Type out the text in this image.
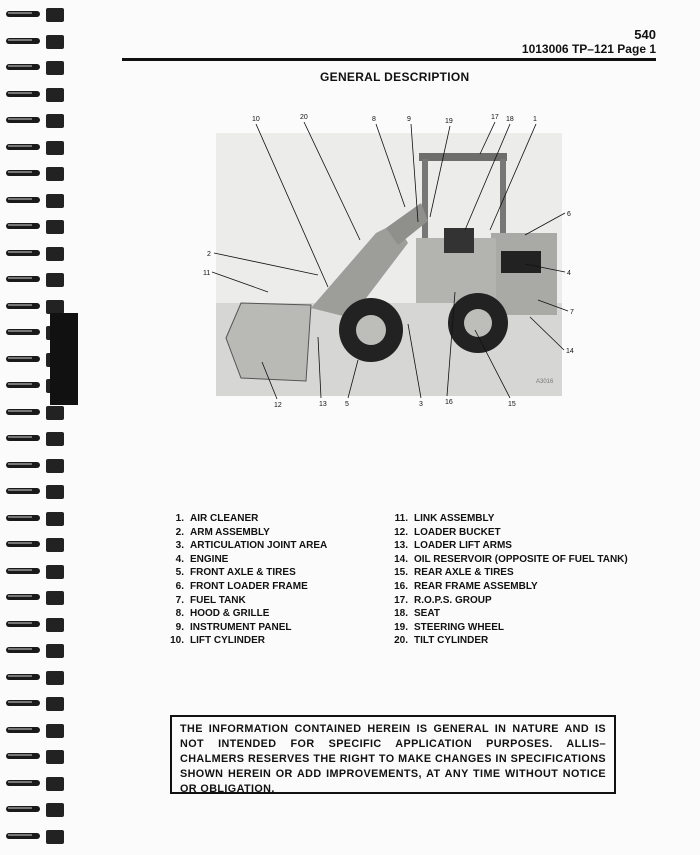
540
1013006 TP–121 Page 1
GENERAL DESCRIPTION
A3016
10	20	8	9	19
17 18	1
6
4
7
14
2
11
12	13	5	3	16	15
1. AIR CLEANER
2. ARM ASSEMBLY
3. ARTICULATION JOINT AREA
4. ENGINE
5. FRONT AXLE & TIRES
6. FRONT LOADER FRAME
7. FUEL TANK
8. HOOD & GRILLE
9. INSTRUMENT PANEL
10. LIFT CYLINDER
11. LINK ASSEMBLY
12. LOADER BUCKET
13. LOADER LIFT ARMS
14. OIL RESERVOIR (OPPOSITE OF FUEL TANK)
15. REAR AXLE & TIRES
16. REAR FRAME ASSEMBLY
17. R.O.P.S. GROUP
18. SEAT
19. STEERING WHEEL
20. TILT CYLINDER
THE INFORMATION CONTAINED HEREIN IS GENERAL IN NATURE AND IS NOT INTENDED FOR SPECIFIC APPLICATION PURPOSES. ALLIS–CHALMERS RESERVES THE RIGHT TO MAKE CHANGES IN SPECIFICATIONS SHOWN HEREIN OR ADD IMPROVEMENTS, AT ANY TIME WITHOUT NOTICE OR OBLIGATION.
